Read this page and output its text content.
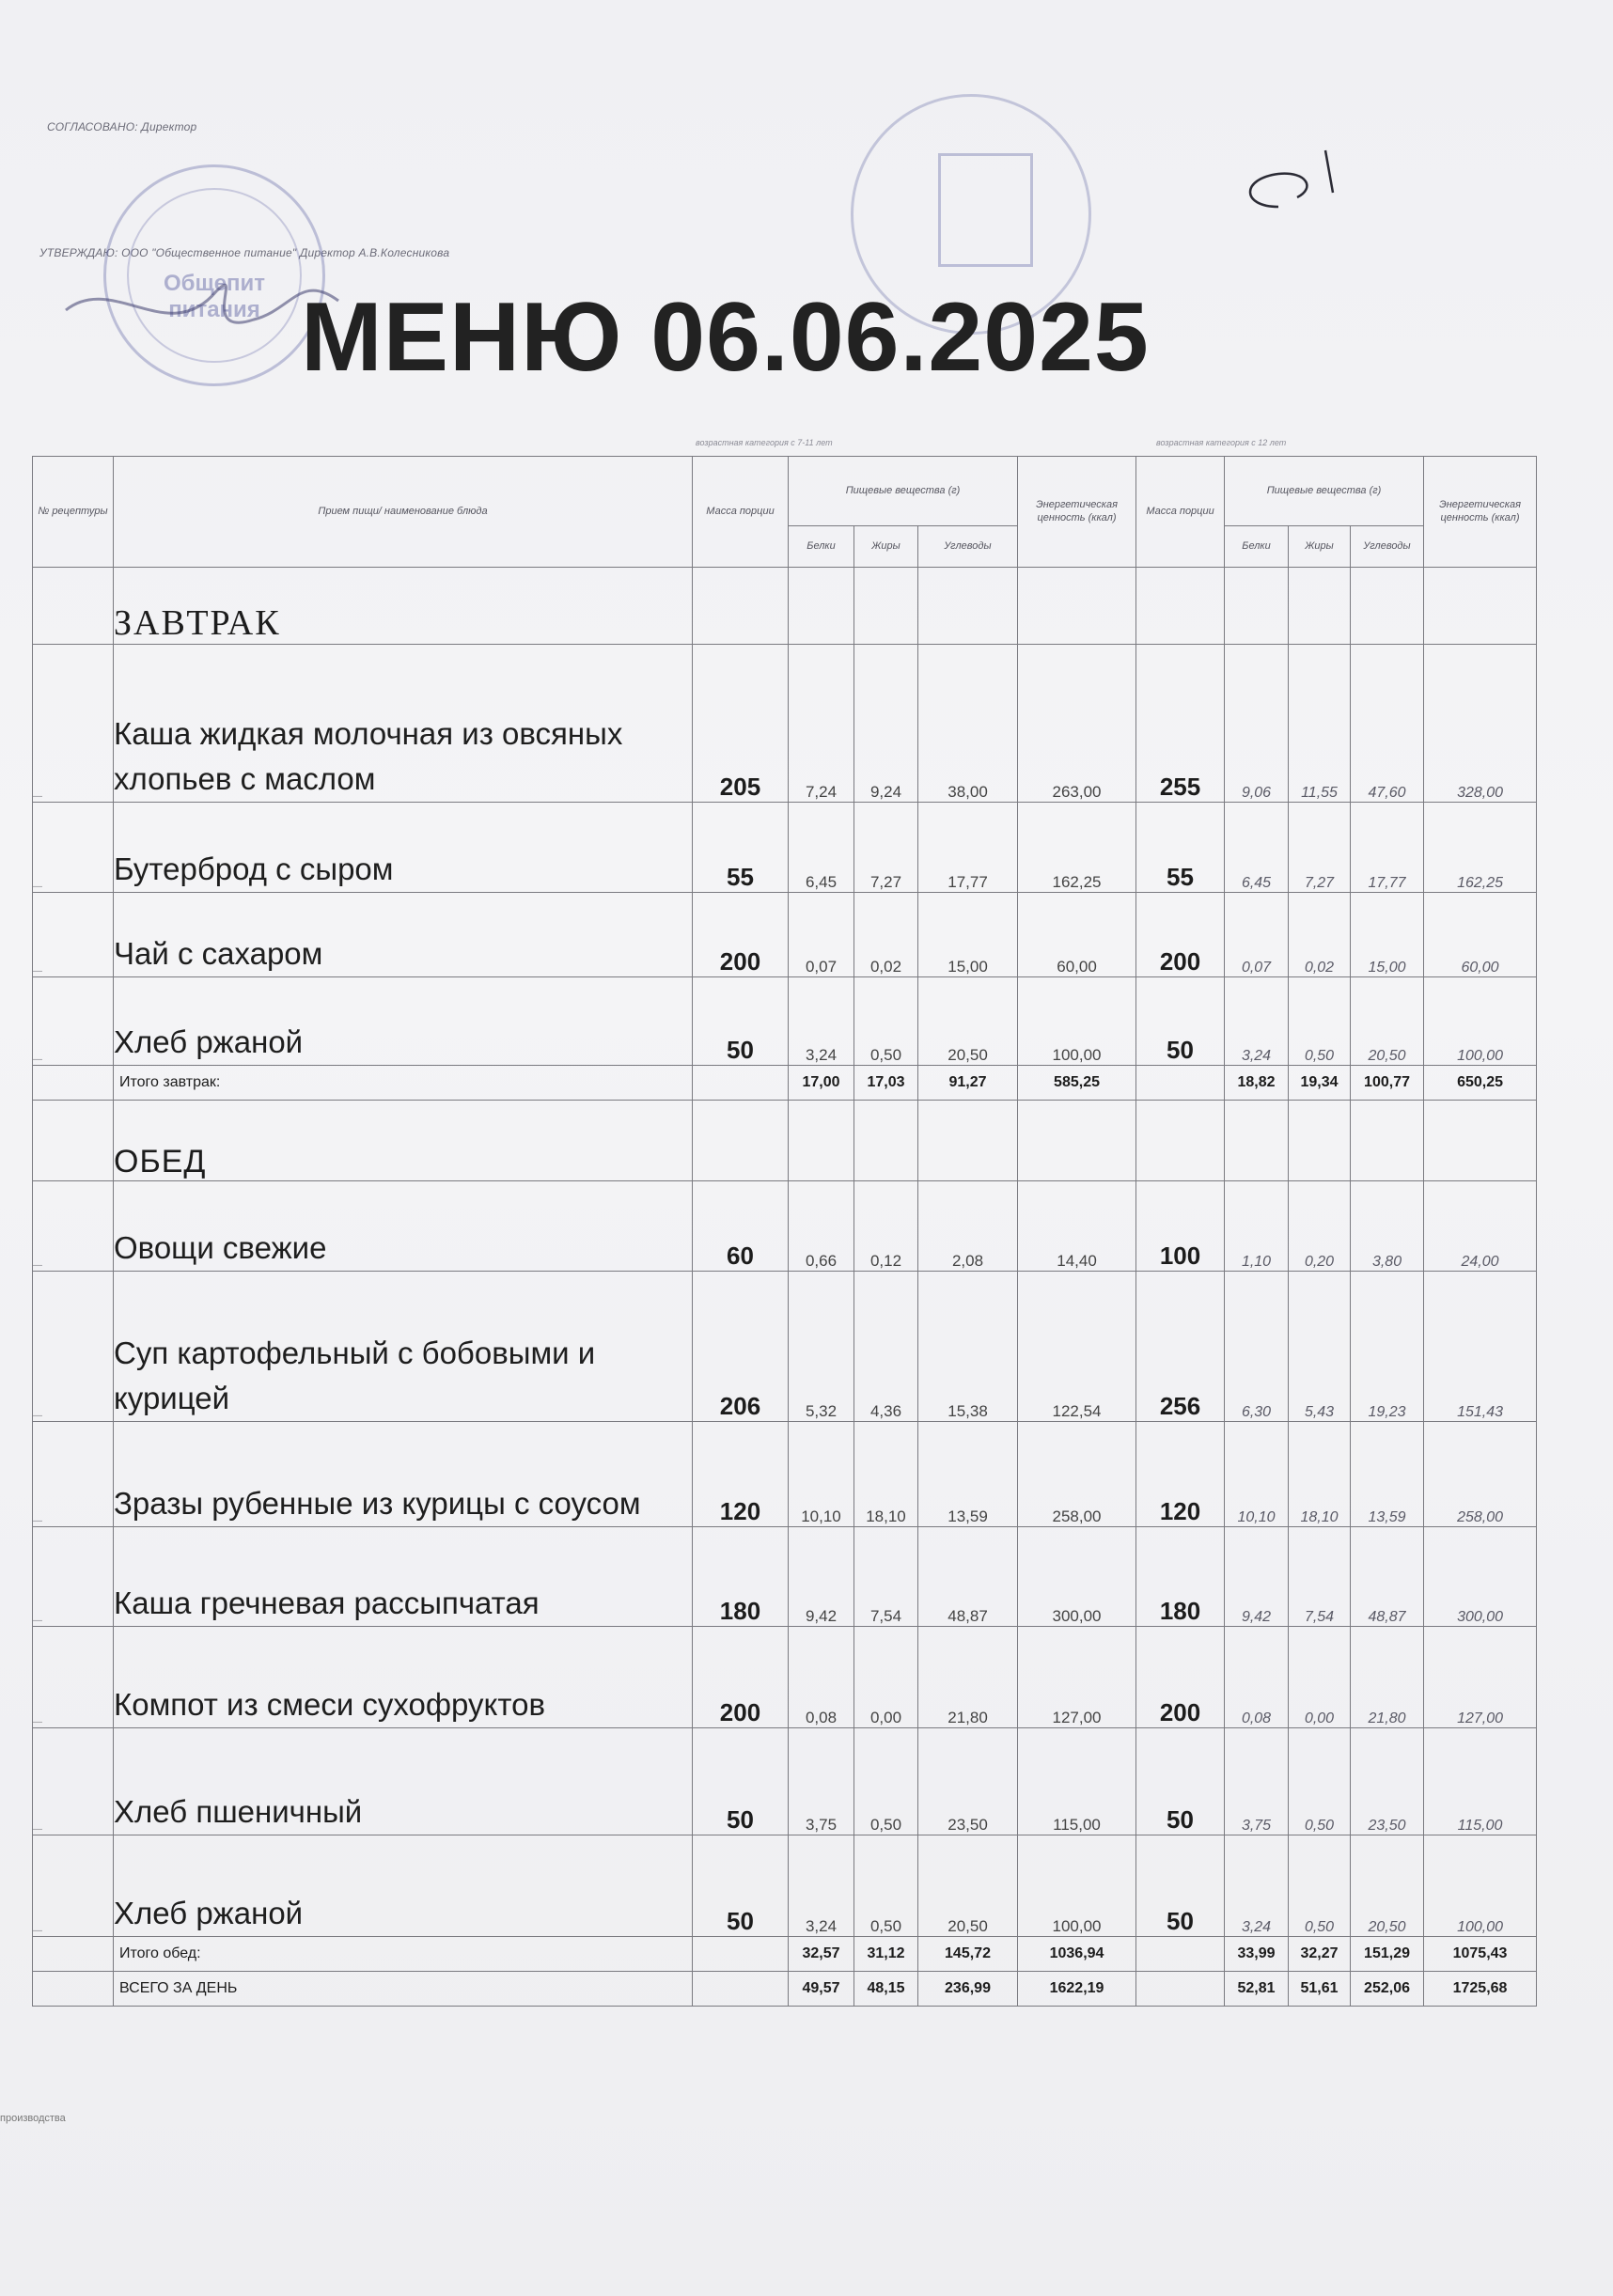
СОГЛАСОВАНО: Директор
УТВЕРЖДАЮ: ООО "Общественное питание" Директор А.В.Колесникова
Общепит питания МЕНЮ 06.06.2025
возрастная категория с 7-11 лет	возрастная категория с 12 лет
№ рецептуры	Прием пищи/ наименование блюда	Масса порции	Пищевые вещества (г)			Энергетическая ценность (ккал)	Масса порции	Пищевые вещества (г)			Энергетическая ценность (ккал)
			Белки	Жиры	Углеводы			Белки	Жиры	Углеводы	
	ЗАВТРАК										
—	Каша жидкая молочная из овсяных хлопьев с маслом	205	7,24	9,24	38,00	263,00	255	9,06	11,55	47,60	328,00
—	Бутерброд с сыром	55	6,45	7,27	17,77	162,25	55	6,45	7,27	17,77	162,25
—	Чай с сахаром	200	0,07	0,02	15,00	60,00	200	0,07	0,02	15,00	60,00
—	Хлеб ржаной	50	3,24	0,50	20,50	100,00	50	3,24	0,50	20,50	100,00
	Итого завтрак:		17,00	17,03	91,27	585,25		18,82	19,34	100,77	650,25
	ОБЕД										
—	Овощи свежие	60	0,66	0,12	2,08	14,40	100	1,10	0,20	3,80	24,00
—	Суп картофельный с бобовыми и курицей	206	5,32	4,36	15,38	122,54	256	6,30	5,43	19,23	151,43
—	Зразы рубенные из курицы с соусом	120	10,10	18,10	13,59	258,00	120	10,10	18,10	13,59	258,00
—	Каша гречневая рассыпчатая	180	9,42	7,54	48,87	300,00	180	9,42	7,54	48,87	300,00
—	Компот из смеси сухофруктов	200	0,08	0,00	21,80	127,00	200	0,08	0,00	21,80	127,00
—	Хлеб пшеничный	50	3,75	0,50	23,50	115,00	50	3,75	0,50	23,50	115,00
—	Хлеб ржаной	50	3,24	0,50	20,50	100,00	50	3,24	0,50	20,50	100,00
	Итого обед:		32,57	31,12	145,72	1036,94		33,99	32,27	151,29	1075,43
	ВСЕГО ЗА ДЕНЬ		49,57	48,15	236,99	1622,19		52,81	51,61	252,06	1725,68
производства
